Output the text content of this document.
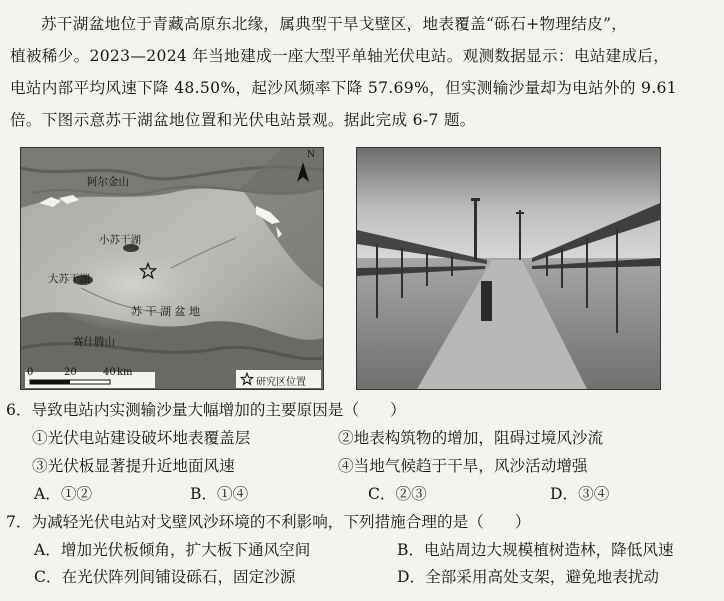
苏干湖盆地位于青藏高原东北缘，属典型干旱戈壁区，地表覆盖“砾石+物理结皮”，
植被稀少。2023—2024 年当地建成一座大型平单轴光伏电站。观测数据显示：电站建成后，
电站内部平均风速下降 48.50%，起沙风频率下降 57.69%，但实测输沙量却为电站外的 9.61
倍。下图示意苏干湖盆地位置和光伏电站景观。据此完成 6-7 题。
N
阿尔金山
小苏干湖
大苏干湖
苏 干 湖 盆 地
赛什腾山
0	20	40 km
研究区位置
6．导致电站内实测输沙量大幅增加的主要原因是（　　）
①光伏电站建设破坏地表覆盖层	②地表构筑物的增加，阻碍过境风沙流
③光伏板显著提升近地面风速	④当地气候趋于干旱，风沙活动增强
A．①②	B．①④	C．②③	D．③④
7．为减轻光伏电站对戈壁风沙环境的不利影响，下列措施合理的是（　　）
A．增加光伏板倾角，扩大板下通风空间	B．电站周边大规模植树造林，降低风速
C．在光伏阵列间铺设砾石，固定沙源	D．全部采用高处支架，避免地表扰动
